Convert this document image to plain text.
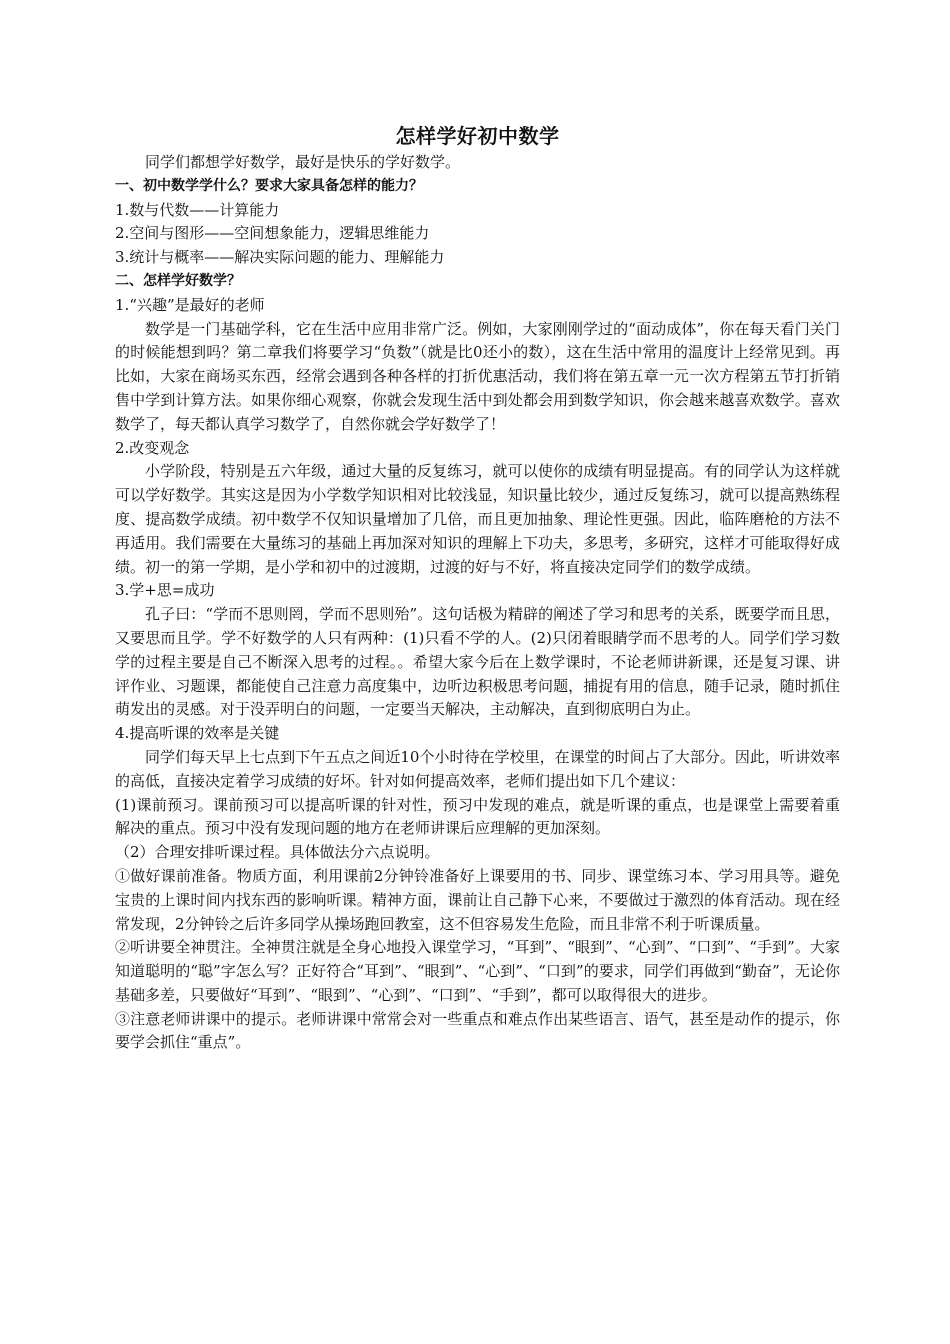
怎样学好初中数学

同学们都想学好数学，最好是快乐的学好数学。

一、初中数学学什么？要求大家具备怎样的能力？

1.数与代数——计算能力

2.空间与图形——空间想象能力，逻辑思维能力

3.统计与概率——解决实际问题的能力、理解能力

二、怎样学好数学？

1.“兴趣”是最好的老师

数学是一门基础学科，它在生活中应用非常广泛。例如，大家刚刚学过的“面动成体”，你在每天看门关门的时候能想到吗？第二章我们将要学习“负数”（就是比0还小的数），这在生活中常用的温度计上经常见到。再比如，大家在商场买东西，经常会遇到各种各样的打折优惠活动，我们将在第五章一元一次方程第五节打折销售中学到计算方法。如果你细心观察，你就会发现生活中到处都会用到数学知识，你会越来越喜欢数学。喜欢数学了，每天都认真学习数学了，自然你就会学好数学了！

2.改变观念

小学阶段，特别是五六年级，通过大量的反复练习，就可以使你的成绩有明显提高。有的同学认为这样就可以学好数学。其实这是因为小学数学知识相对比较浅显，知识量比较少，通过反复练习，就可以提高熟练程度、提高数学成绩。初中数学不仅知识量增加了几倍，而且更加抽象、理论性更强。因此，临阵磨枪的方法不再适用。我们需要在大量练习的基础上再加深对知识的理解上下功夫，多思考，多研究，这样才可能取得好成绩。初一的第一学期，是小学和初中的过渡期，过渡的好与不好，将直接决定同学们的数学成绩。

3.学+思=成功

孔子曰：“学而不思则罔，学而不思则殆”。这句话极为精辟的阐述了学习和思考的关系，既要学而且思，又要思而且学。学不好数学的人只有两种：(1)只看不学的人。(2)只闭着眼睛学而不思考的人。同学们学习数学的过程主要是自己不断深入思考的过程。。希望大家今后在上数学课时，不论老师讲新课，还是复习课、讲评作业、习题课，都能使自己注意力高度集中，边听边积极思考问题，捕捉有用的信息，随手记录，随时抓住萌发出的灵感。对于没弄明白的问题，一定要当天解决，主动解决，直到彻底明白为止。

4.提高听课的效率是关键

同学们每天早上七点到下午五点之间近10个小时待在学校里，在课堂的时间占了大部分。因此，听讲效率的高低，直接决定着学习成绩的好坏。针对如何提高效率，老师们提出如下几个建议：

(1)课前预习。课前预习可以提高听课的针对性，预习中发现的难点，就是听课的重点，也是课堂上需要着重解决的重点。预习中没有发现问题的地方在老师讲课后应理解的更加深刻。

（2）合理安排听课过程。具体做法分六点说明。

①做好课前准备。物质方面，利用课前2分钟铃准备好上课要用的书、同步、课堂练习本、学习用具等。避免宝贵的上课时间内找东西的影响听课。精神方面，课前让自己静下心来，不要做过于激烈的体育活动。现在经常发现，2分钟铃之后许多同学从操场跑回教室，这不但容易发生危险，而且非常不利于听课质量。

②听讲要全神贯注。全神贯注就是全身心地投入课堂学习，“耳到”、“眼到”、“心到”、“口到”、“手到”。大家知道聪明的“聪”字怎么写？正好符合“耳到”、“眼到”、“心到”、“口到”的要求，同学们再做到“勤奋”，无论你基础多差，只要做好“耳到”、“眼到”、“心到”、“口到”、“手到”，都可以取得很大的进步。

③注意老师讲课中的提示。老师讲课中常常会对一些重点和难点作出某些语言、语气，甚至是动作的提示，你要学会抓住“重点”。
